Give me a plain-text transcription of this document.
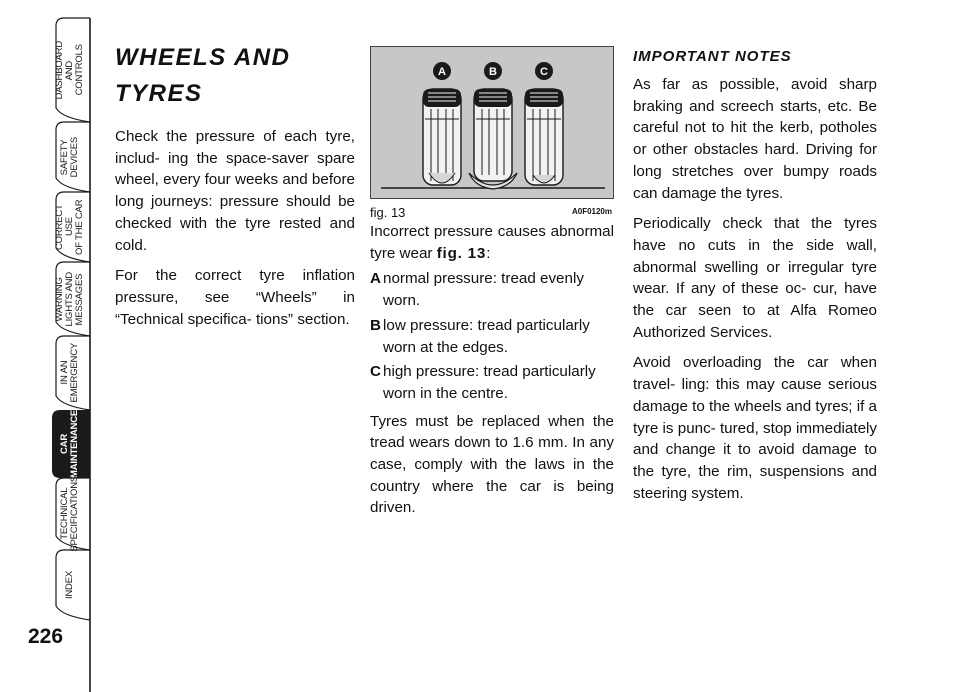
DASHBOARD
AND
CONTROLS
SAFETY
DEVICES
CORRECT USE
OF THE CAR
WARNING
LIGHTS AND
MESSAGES
IN AN
EMERGENCY
CAR
MAINTENANCE
TECHNICAL
SPECIFICATIONS
INDEX
226
WHEELS AND TYRES

Check the pressure of each tyre, includ- ing the space-saver spare wheel, every four weeks and before long journeys: pressure should be checked with the tyre rested and cold.

For the correct tyre inflation pressure, see “Wheels” in “Technical specifica- tions” section.

A	B	C
fig. 13	A0F0120m

Incorrect pressure causes abnormal tyre wear fig. 13:

A normal pressure: tread evenly worn.
B low pressure: tread particularly worn at the edges.
C high pressure: tread particularly worn in the centre.

Tyres must be replaced when the tread wears down to 1.6 mm. In any case, comply with the laws in the country where the car is being driven.

IMPORTANT NOTES

As far as possible, avoid sharp braking and screech starts, etc. Be careful not to hit the kerb, potholes or other obstacles hard. Driving for long stretches over bumpy roads can damage the tyres.

Periodically check that the tyres have no cuts in the side wall, abnormal swelling or irregular tyre wear. If any of these oc- cur, have the car seen to at Alfa Romeo Authorized Services.

Avoid overloading the car when travel- ling: this may cause serious damage to the wheels and tyres; if a tyre is punc- tured, stop immediately and change it to avoid damage to the tyre, the rim, suspensions and steering system.
